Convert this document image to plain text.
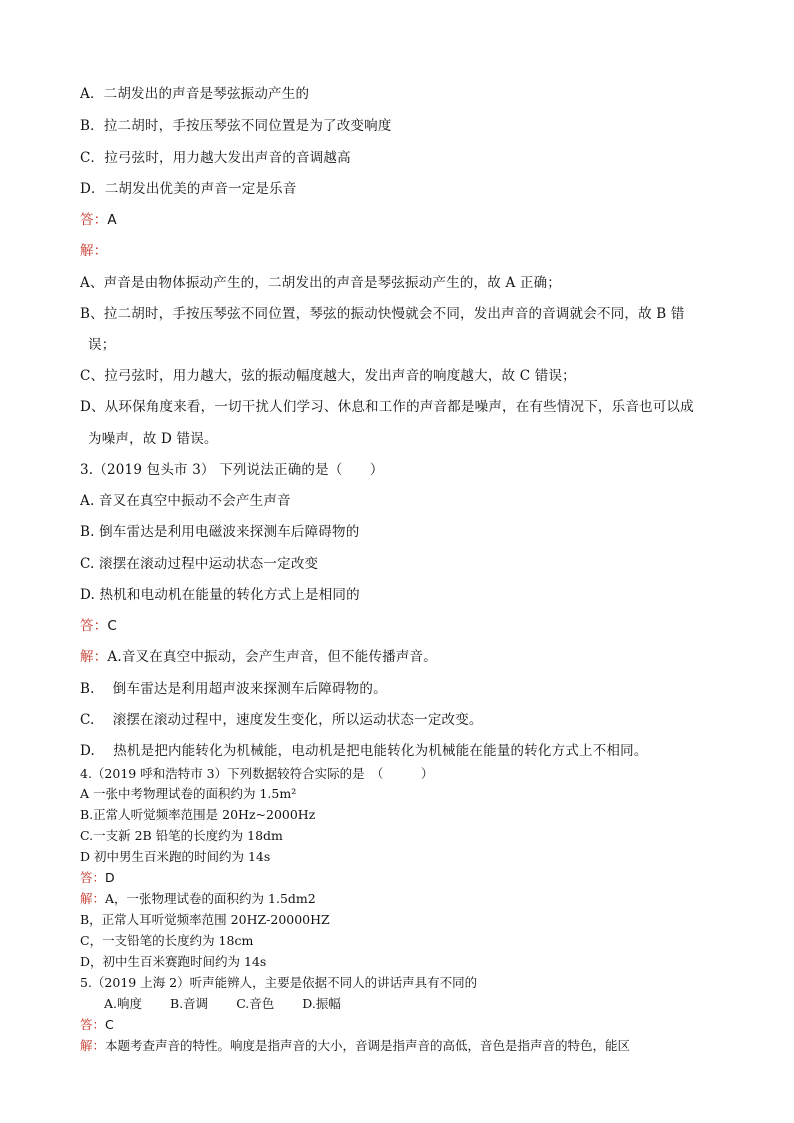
A．二胡发出的声音是琴弦振动产生的
B．拉二胡时，手按压琴弦不同位置是为了改变响度
C．拉弓弦时，用力越大发出声音的音调越高
D．二胡发出优美的声音一定是乐音
答：A
解：
A、声音是由物体振动产生的，二胡发出的声音是琴弦振动产生的，故 A 正确；
B、拉二胡时，手按压琴弦不同位置，琴弦的振动快慢就会不同，发出声音的音调就会不同，故 B 错
误；
C、拉弓弦时，用力越大，弦的振动幅度越大，发出声音的响度越大，故 C 错误；
D、从环保角度来看，一切干扰人们学习、休息和工作的声音都是噪声，在有些情况下，乐音也可以成
为噪声，故 D 错误。
3.（2019 包头市 3） 下列说法正确的是（　　）
A. 音叉在真空中振动不会产生声音
B. 倒车雷达是利用电磁波来探测车后障碍物的
C. 滚摆在滚动过程中运动状态一定改变
D. 热机和电动机在能量的转化方式上是相同的
答：C
解：A.音叉在真空中振动，会产生声音，但不能传播声音。
B.　 倒车雷达是利用超声波来探测车后障碍物的。
C.　 滚摆在滚动过程中，速度发生变化，所以运动状态一定改变。
D.　 热机是把内能转化为机械能，电动机是把电能转化为机械能在能量的转化方式上不相同。
4.（2019 呼和浩特市 3）下列数据较符合实际的是　（　　　）
A 一张中考物理试卷的面积约为 1.5m²
B.正常人听觉频率范围是 20Hz~2000Hz
C.一支新 2B 铅笔的长度约为 18dm
D 初中男生百米跑的时间约为 14s
答：D
解：A，一张物理试卷的面积约为 1.5dm2
B，正常人耳听觉频率范围 20HZ-20000HZ
C，一支铅笔的长度约为 18cm
D，初中生百米赛跑时间约为 14s
5.（2019 上海 2）听声能辨人，主要是依据不同人的讲话声具有不同的
A.响度 B.音调 C.音色 D.振幅
答：C
解：本题考查声音的特性。响度是指声音的大小，音调是指声音的高低，音色是指声音的特色，能区
